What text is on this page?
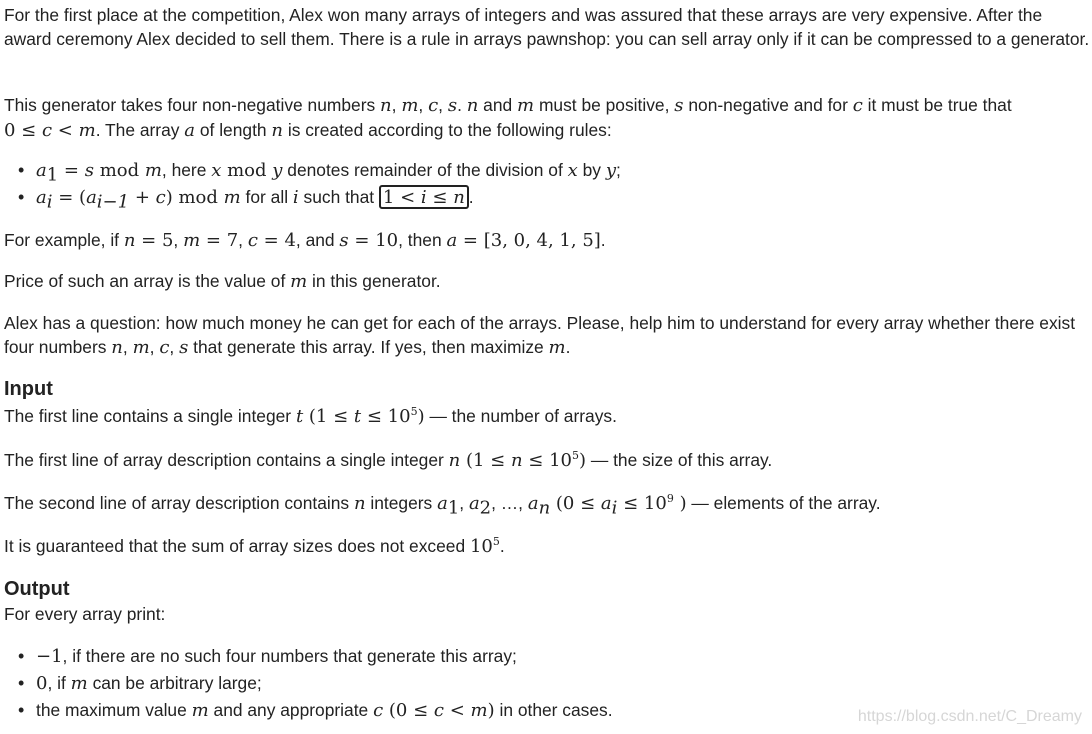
For the first place at the competition, Alex won many arrays of integers and was assured that these arrays are very expensive. After the award ceremony Alex decided to sell them. There is a rule in arrays pawnshop: you can sell array only if it can be compressed to a generator.
This generator takes four non-negative numbers n, m, c, s. n and m must be positive, s non-negative and for c it must be true that
0 ≤ c < m. The array a of length n is created according to the following rules:
• $a_1 = s$ mod m, here x mod y denotes remainder of the division of x by y;
• $a_i = (a_{i-1} + c)$ mod m for all i such that 1 < i ≤ n .
For example, if n = 5, m = 7, c = 4, and s = 10, then a = [3, 0, 4, 1, 5].
Price of such an array is the value of m in this generator.
Alex has a question: how much money he can get for each of the arrays. Please, help him to understand for every array whether there exist four numbers n, m, c, s that generate this array. If yes, then maximize m.
Input
The first line contains a single integer t $(1 \le t \le 10^5)$ — the number of arrays.
The first line of array description contains a single integer n $(1 \le n \le 10^5)$ — the size of this array.
The second line of array description contains n integers $a_1$, $a_2$, …, $a_n$ ($0 \le a_i \le 10^9$ ) — elements of the array.
It is guaranteed that the sum of array sizes does not exceed $10^5$.
Output
For every array print:
• −1, if there are no such four numbers that generate this array;
• 0, if m can be arbitrary large;
• the maximum value m and any appropriate c (0 ≤ c < m) in other cases.	https://blog.csdn.net/C_Dreamy
